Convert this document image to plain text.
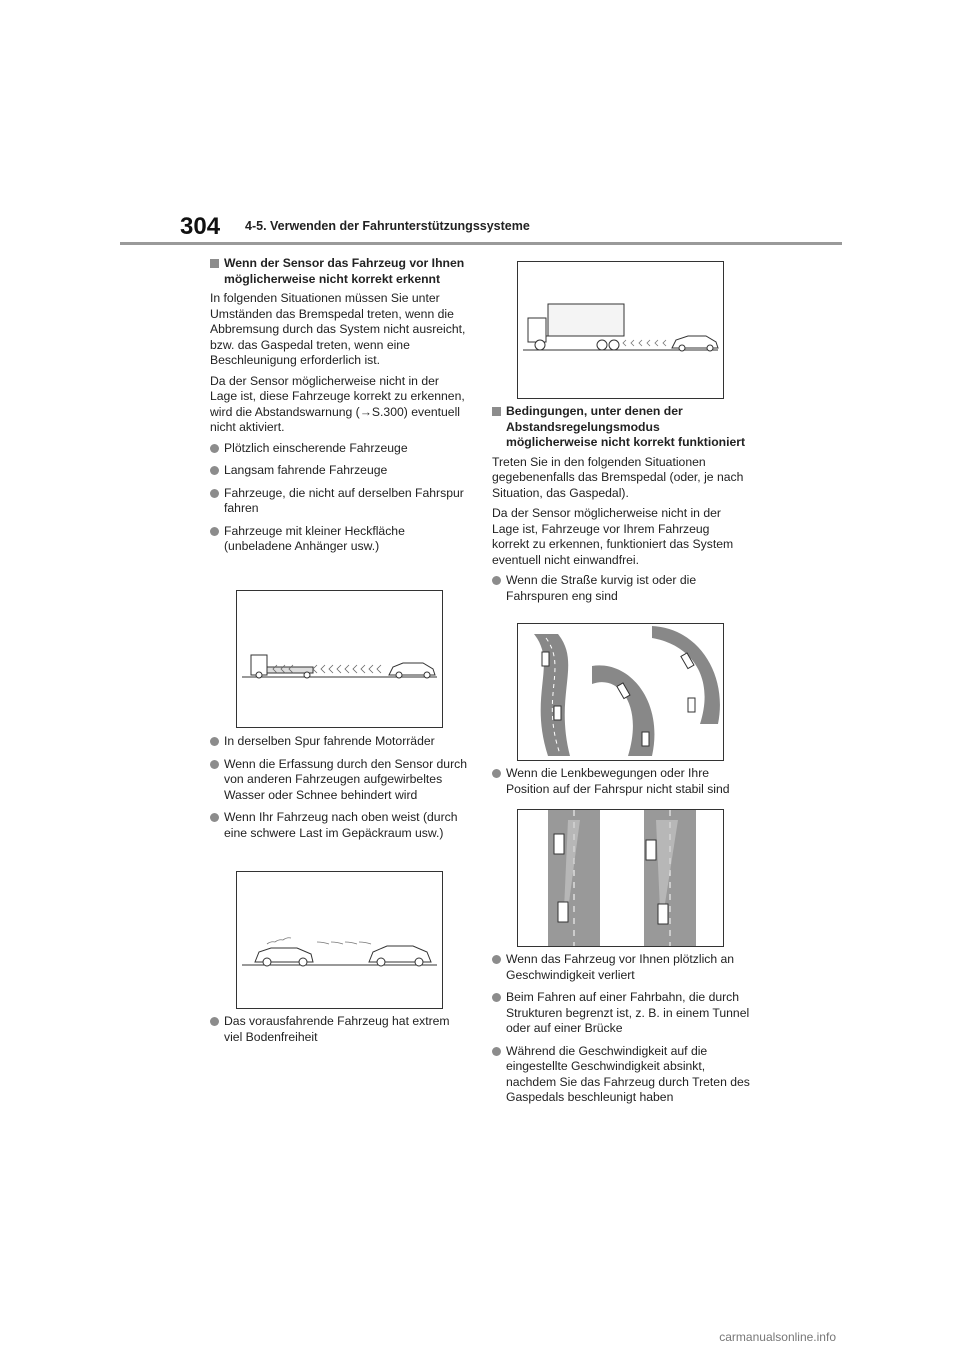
304 4-5. Verwenden der Fahrunterstützungssysteme
Wenn der Sensor das Fahrzeug vor Ihnen möglicherweise nicht korrekt erkennt

In folgenden Situationen müssen Sie unter Umständen das Bremspedal treten, wenn die Abbremsung durch das System nicht ausreicht, bzw. das Gaspedal treten, wenn eine Beschleunigung erforderlich ist.

Da der Sensor möglicherweise nicht in der Lage ist, diese Fahrzeuge korrekt zu erkennen, wird die Abstandswarnung (→S.300) eventuell nicht aktiviert.

Plötzlich einscherende Fahrzeuge
Langsam fahrende Fahrzeuge
Fahrzeuge, die nicht auf derselben Fahrspur fahren
Fahrzeuge mit kleiner Heckfläche (unbeladene Anhänger usw.)
In derselben Spur fahrende Motorräder
Wenn die Erfassung durch den Sensor durch von anderen Fahrzeugen aufgewirbeltes Wasser oder Schnee behindert wird
Wenn Ihr Fahrzeug nach oben weist (durch eine schwere Last im Gepäckraum usw.)
Das vorausfahrende Fahrzeug hat extrem viel Bodenfreiheit
Bedingungen, unter denen der Abstandsregelungsmodus möglicherweise nicht korrekt funktioniert

Treten Sie in den folgenden Situationen gegebenenfalls das Bremspedal (oder, je nach Situation, das Gaspedal).

Da der Sensor möglicherweise nicht in der Lage ist, Fahrzeuge vor Ihrem Fahrzeug korrekt zu erkennen, funktioniert das System eventuell nicht einwandfrei.

Wenn die Straße kurvig ist oder die Fahrspuren eng sind
Wenn die Lenkbewegungen oder Ihre Position auf der Fahrspur nicht stabil sind
Wenn das Fahrzeug vor Ihnen plötzlich an Geschwindigkeit verliert
Beim Fahren auf einer Fahrbahn, die durch Strukturen begrenzt ist, z. B. in einem Tunnel oder auf einer Brücke
Während die Geschwindigkeit auf die eingestellte Geschwindigkeit absinkt, nachdem Sie das Fahrzeug durch Treten des Gaspedals beschleunigt haben
carmanualsonline.info
